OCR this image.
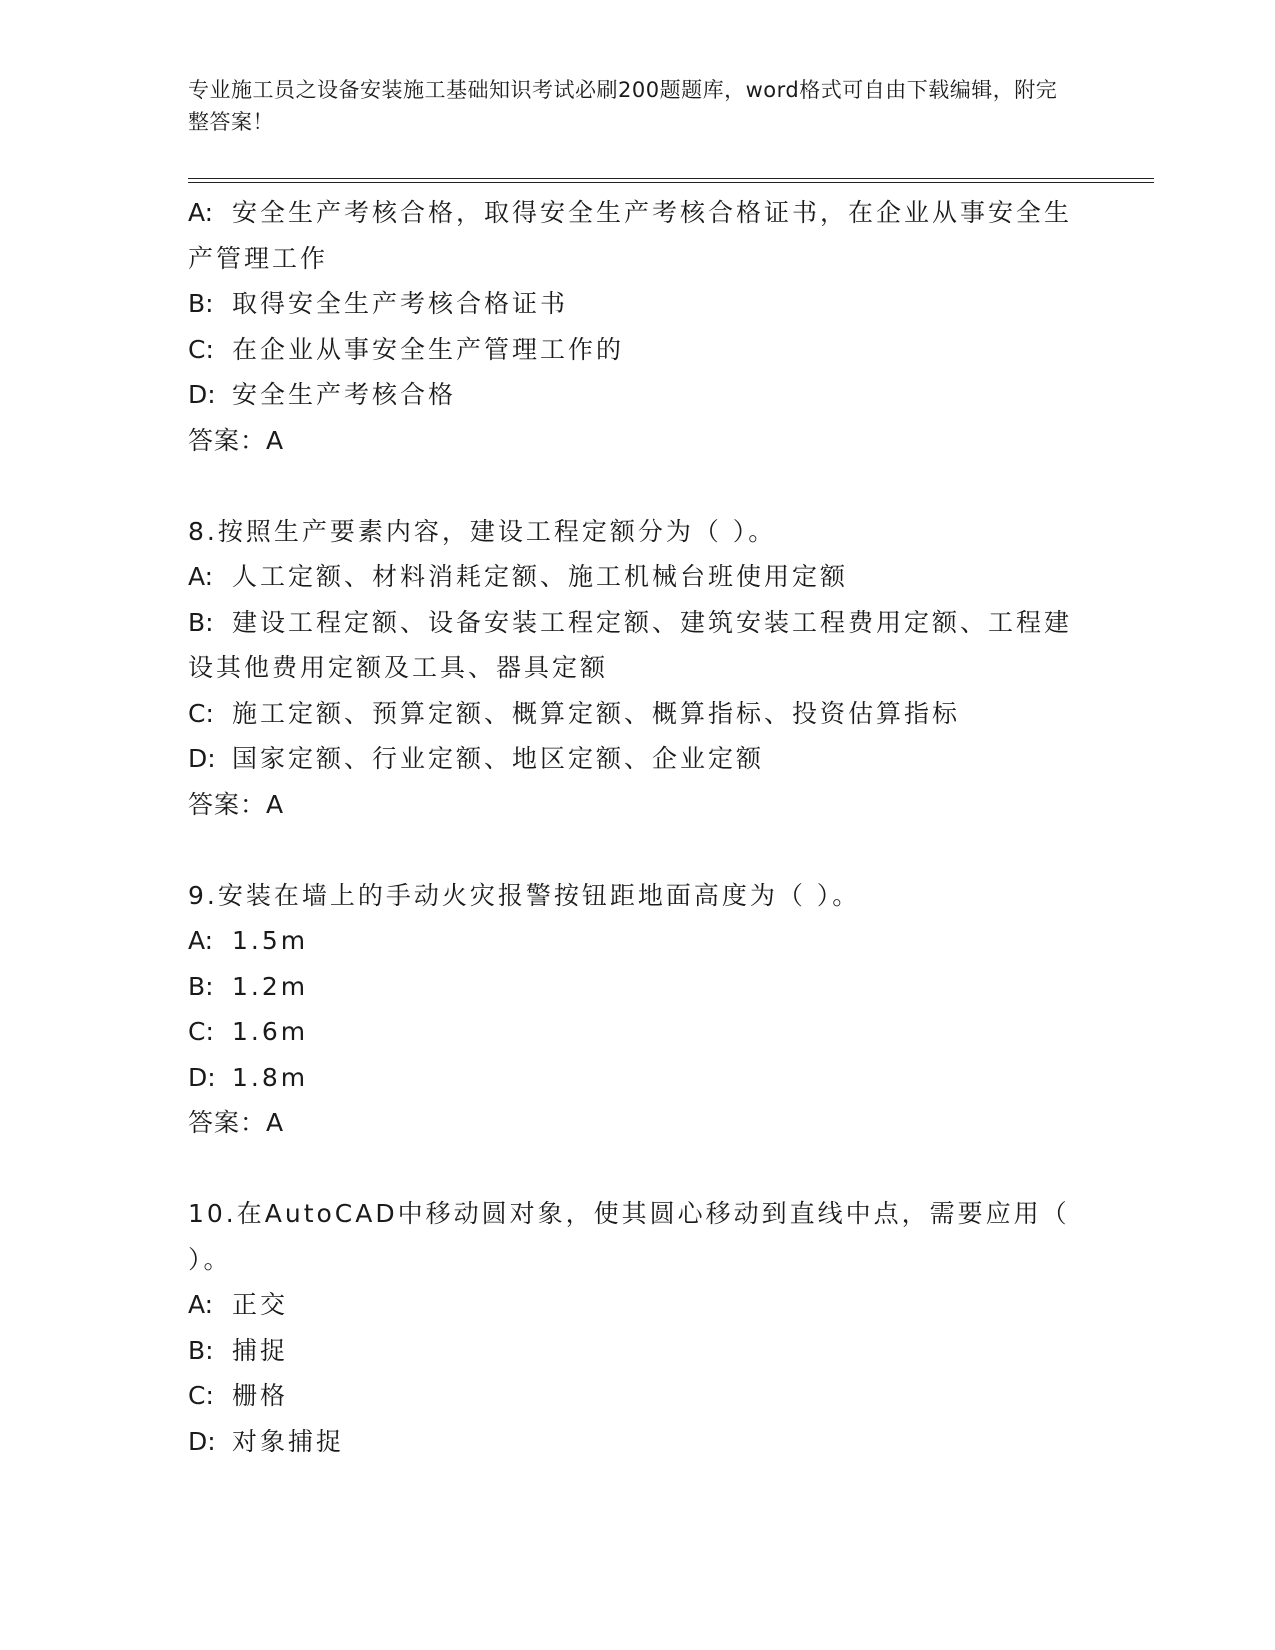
专业施工员之设备安装施工基础知识考试必刷200题题库，word格式可自由下载编辑，附完整答案！
A: 安全生产考核合格，取得安全生产考核合格证书，在企业从事安全生产管理工作
B: 取得安全生产考核合格证书
C: 在企业从事安全生产管理工作的
D: 安全生产考核合格
答案：A
8.按照生产要素内容，建设工程定额分为（ ）。
A: 人工定额、材料消耗定额、施工机械台班使用定额
B: 建设工程定额、设备安装工程定额、建筑安装工程费用定额、工程建设其他费用定额及工具、器具定额
C: 施工定额、预算定额、概算定额、概算指标、投资估算指标
D: 国家定额、行业定额、地区定额、企业定额
答案：A
9.安装在墙上的手动火灾报警按钮距地面高度为（ ）。
A: 1.5m
B: 1.2m
C: 1.6m
D: 1.8m
答案：A
10.在AutoCAD中移动圆对象，使其圆心移动到直线中点，需要应用（ ）。
A: 正交
B: 捕捉
C: 栅格
D: 对象捕捉
